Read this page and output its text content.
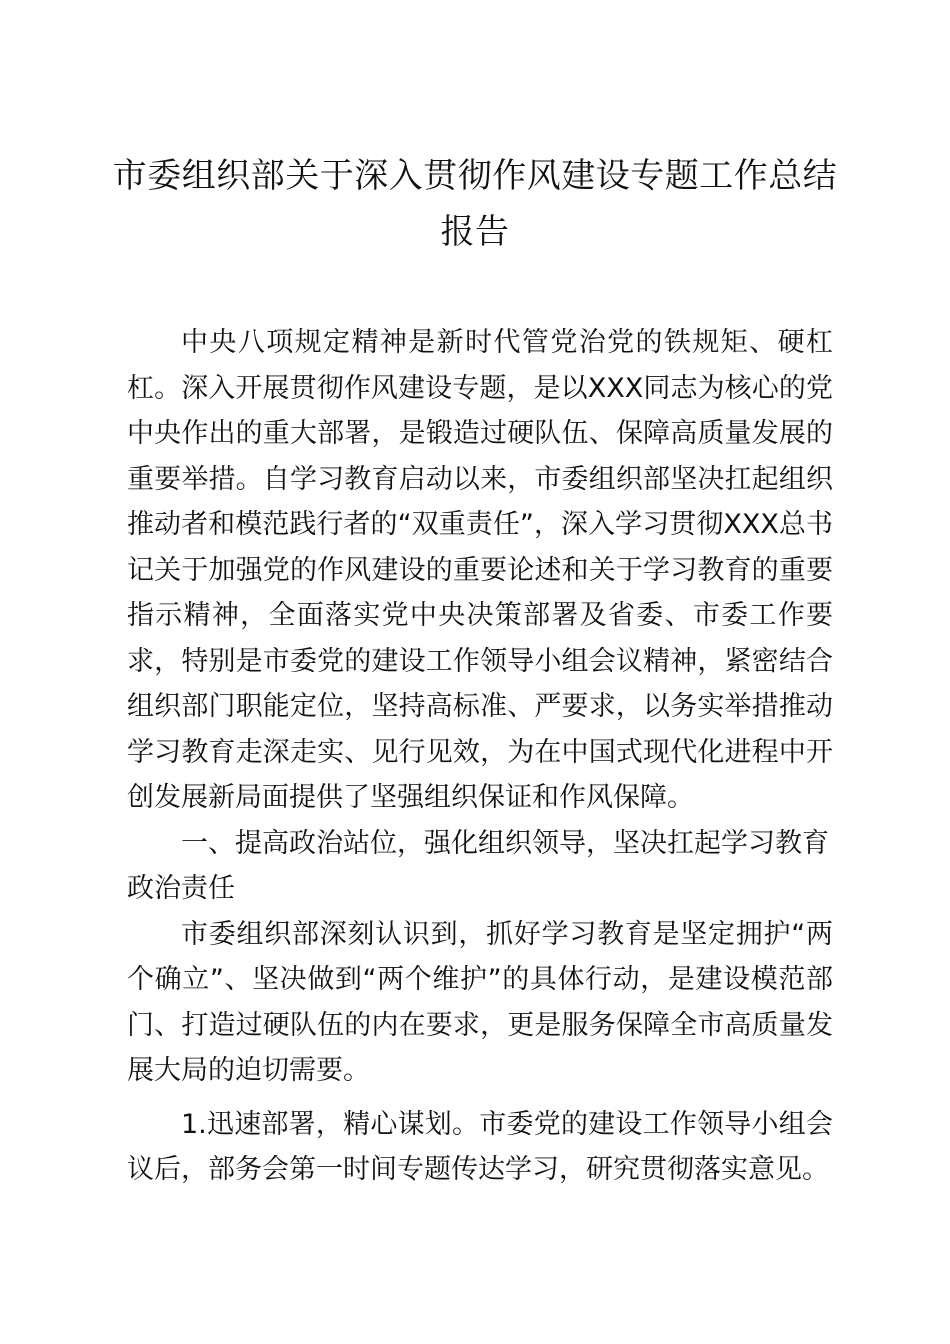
市委组织部关于深入贯彻作风建设专题工作总结报告

中央八项规定精神是新时代管党治党的铁规矩、硬杠杠。深入开展贯彻作风建设专题，是以XXX同志为核心的党中央作出的重大部署，是锻造过硬队伍、保障高质量发展的重要举措。自学习教育启动以来，市委组织部坚决扛起组织推动者和模范践行者的“双重责任”，深入学习贯彻XXX总书记关于加强党的作风建设的重要论述和关于学习教育的重要指示精神，全面落实党中央决策部署及省委、市委工作要求，特别是市委党的建设工作领导小组会议精神，紧密结合组织部门职能定位，坚持高标准、严要求，以务实举措推动学习教育走深走实、见行见效，为在中国式现代化进程中开创发展新局面提供了坚强组织保证和作风保障。

一、提高政治站位，强化组织领导，坚决扛起学习教育政治责任

市委组织部深刻认识到，抓好学习教育是坚定拥护“两个确立”、坚决做到“两个维护”的具体行动，是建设模范部门、打造过硬队伍的内在要求，更是服务保障全市高质量发展大局的迫切需要。

1.迅速部署，精心谋划。市委党的建设工作领导小组会议后，部务会第一时间专题传达学习，研究贯彻落实意见。
